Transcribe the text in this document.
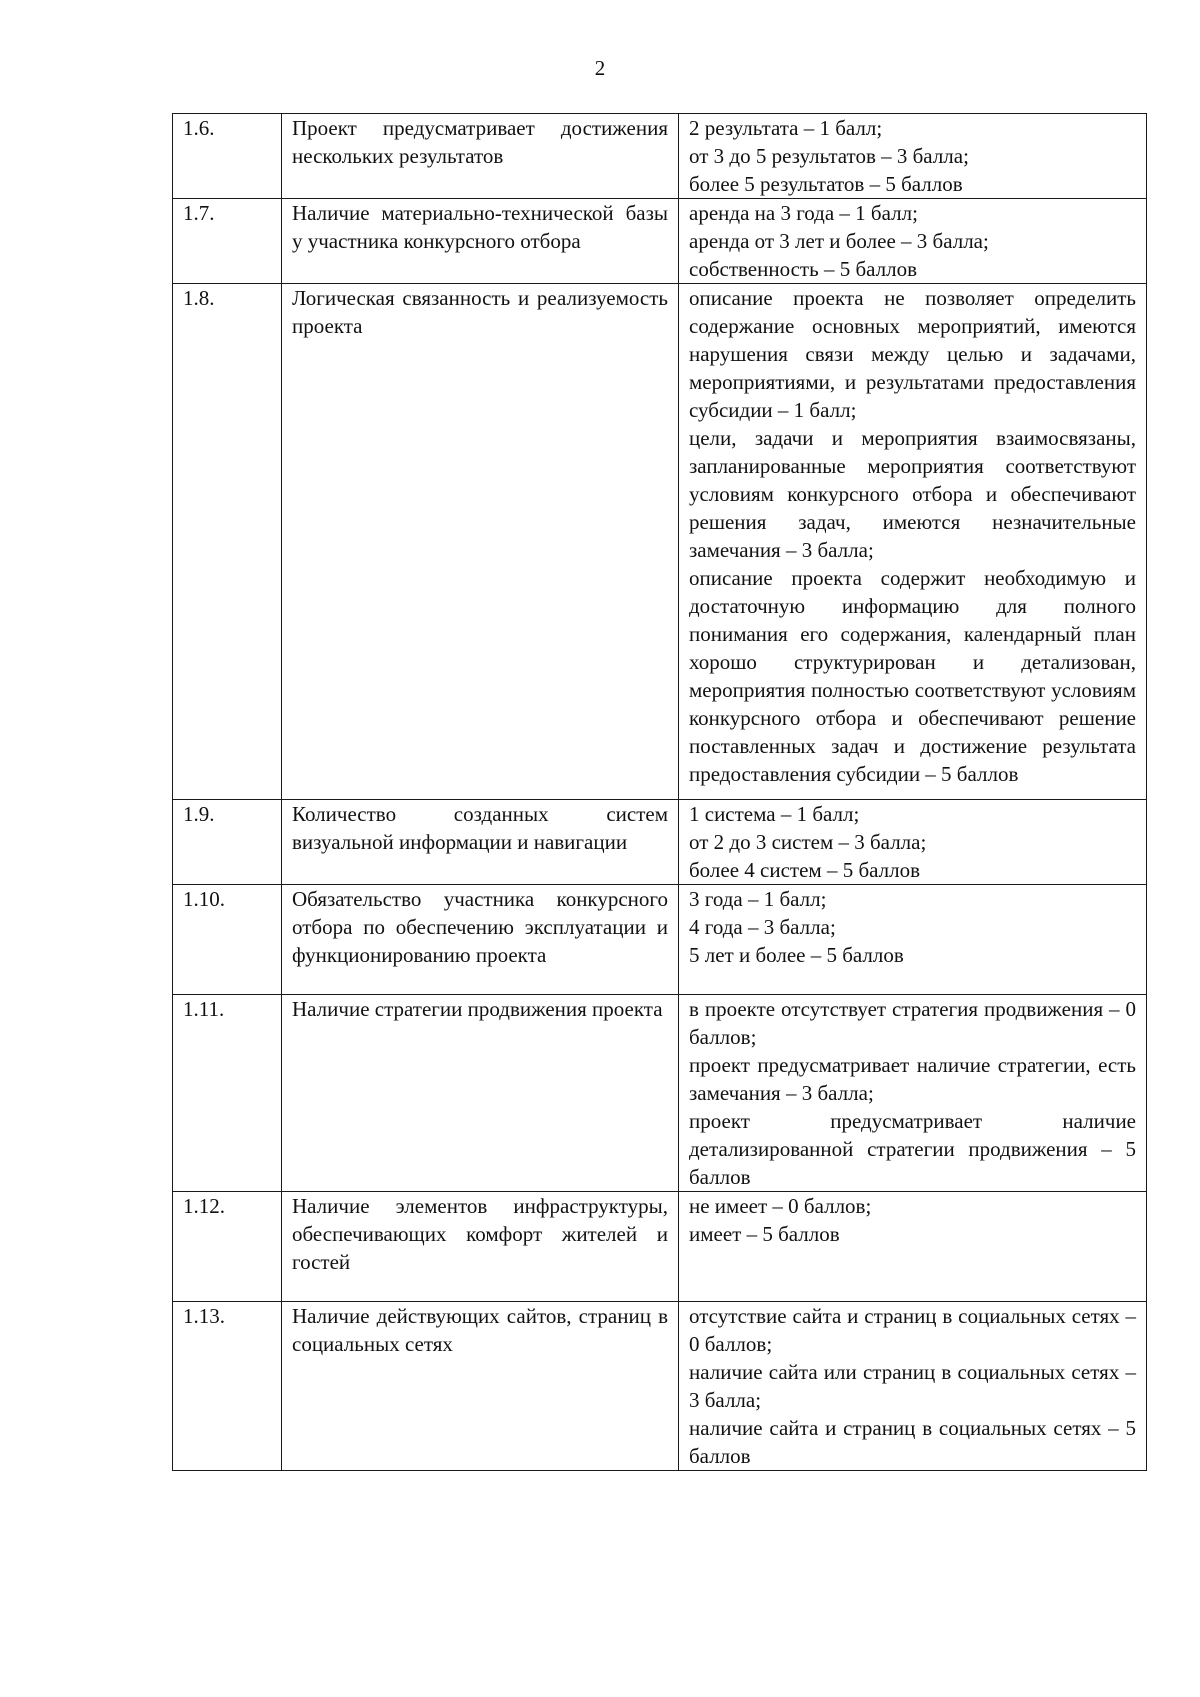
2
1.6.	Проект предусматривает достижения нескольких результатов	2 результата – 1 балл;
от 3 до 5 результатов – 3 балла;
более 5 результатов – 5 баллов

1.7.	Наличие материально-технической базы у участника конкурсного отбора	аренда на 3 года – 1 балл;
аренда от 3 лет и более – 3 балла;
собственность – 5 баллов

1.8.	Логическая связанность и реализуемость проекта	описание проекта не позволяет определить содержание основных мероприятий, имеются нарушения связи между целью и задачами, мероприятиями, и результатами предоставления субсидии – 1 балл;

цели, задачи и мероприятия взаимосвязаны, запланированные мероприятия соответствуют условиям конкурсного отбора и обеспечивают решения задач, имеются незначительные замечания – 3 балла;

описание проекта содержит необходимую и достаточную информацию для полного понимания его содержания, календарный план хорошо структурирован и детализован, мероприятия полностью соответствуют условиям конкурсного отбора и обеспечивают решение поставленных задач и достижение результата предоставления субсидии – 5 баллов

1.9.	Количество созданных систем визуальной информации и навигации	1 система – 1 балл;
от 2 до 3 систем – 3 балла;
более 4 систем – 5 баллов

1.10.	Обязательство участника конкурсного отбора по обеспечению эксплуатации и функционированию проекта	3 года – 1 балл;
4 года – 3 балла;
5 лет и более – 5 баллов

1.11.	Наличие стратегии продвижения проекта	в проекте отсутствует стратегия продвижения – 0 баллов;

проект предусматривает наличие стратегии, есть замечания – 3 балла;

проект предусматривает наличие детализированной стратегии продвижения – 5 баллов

1.12.	Наличие элементов инфраструктуры, обеспечивающих комфорт жителей и гостей	не имеет – 0 баллов;
имеет – 5 баллов

1.13.	Наличие действующих сайтов, страниц в социальных сетях	отсутствие сайта и страниц в социальных сетях – 0 баллов;

наличие сайта или страниц в социальных сетях – 3 балла;

наличие сайта и страниц в социальных сетях – 5 баллов
